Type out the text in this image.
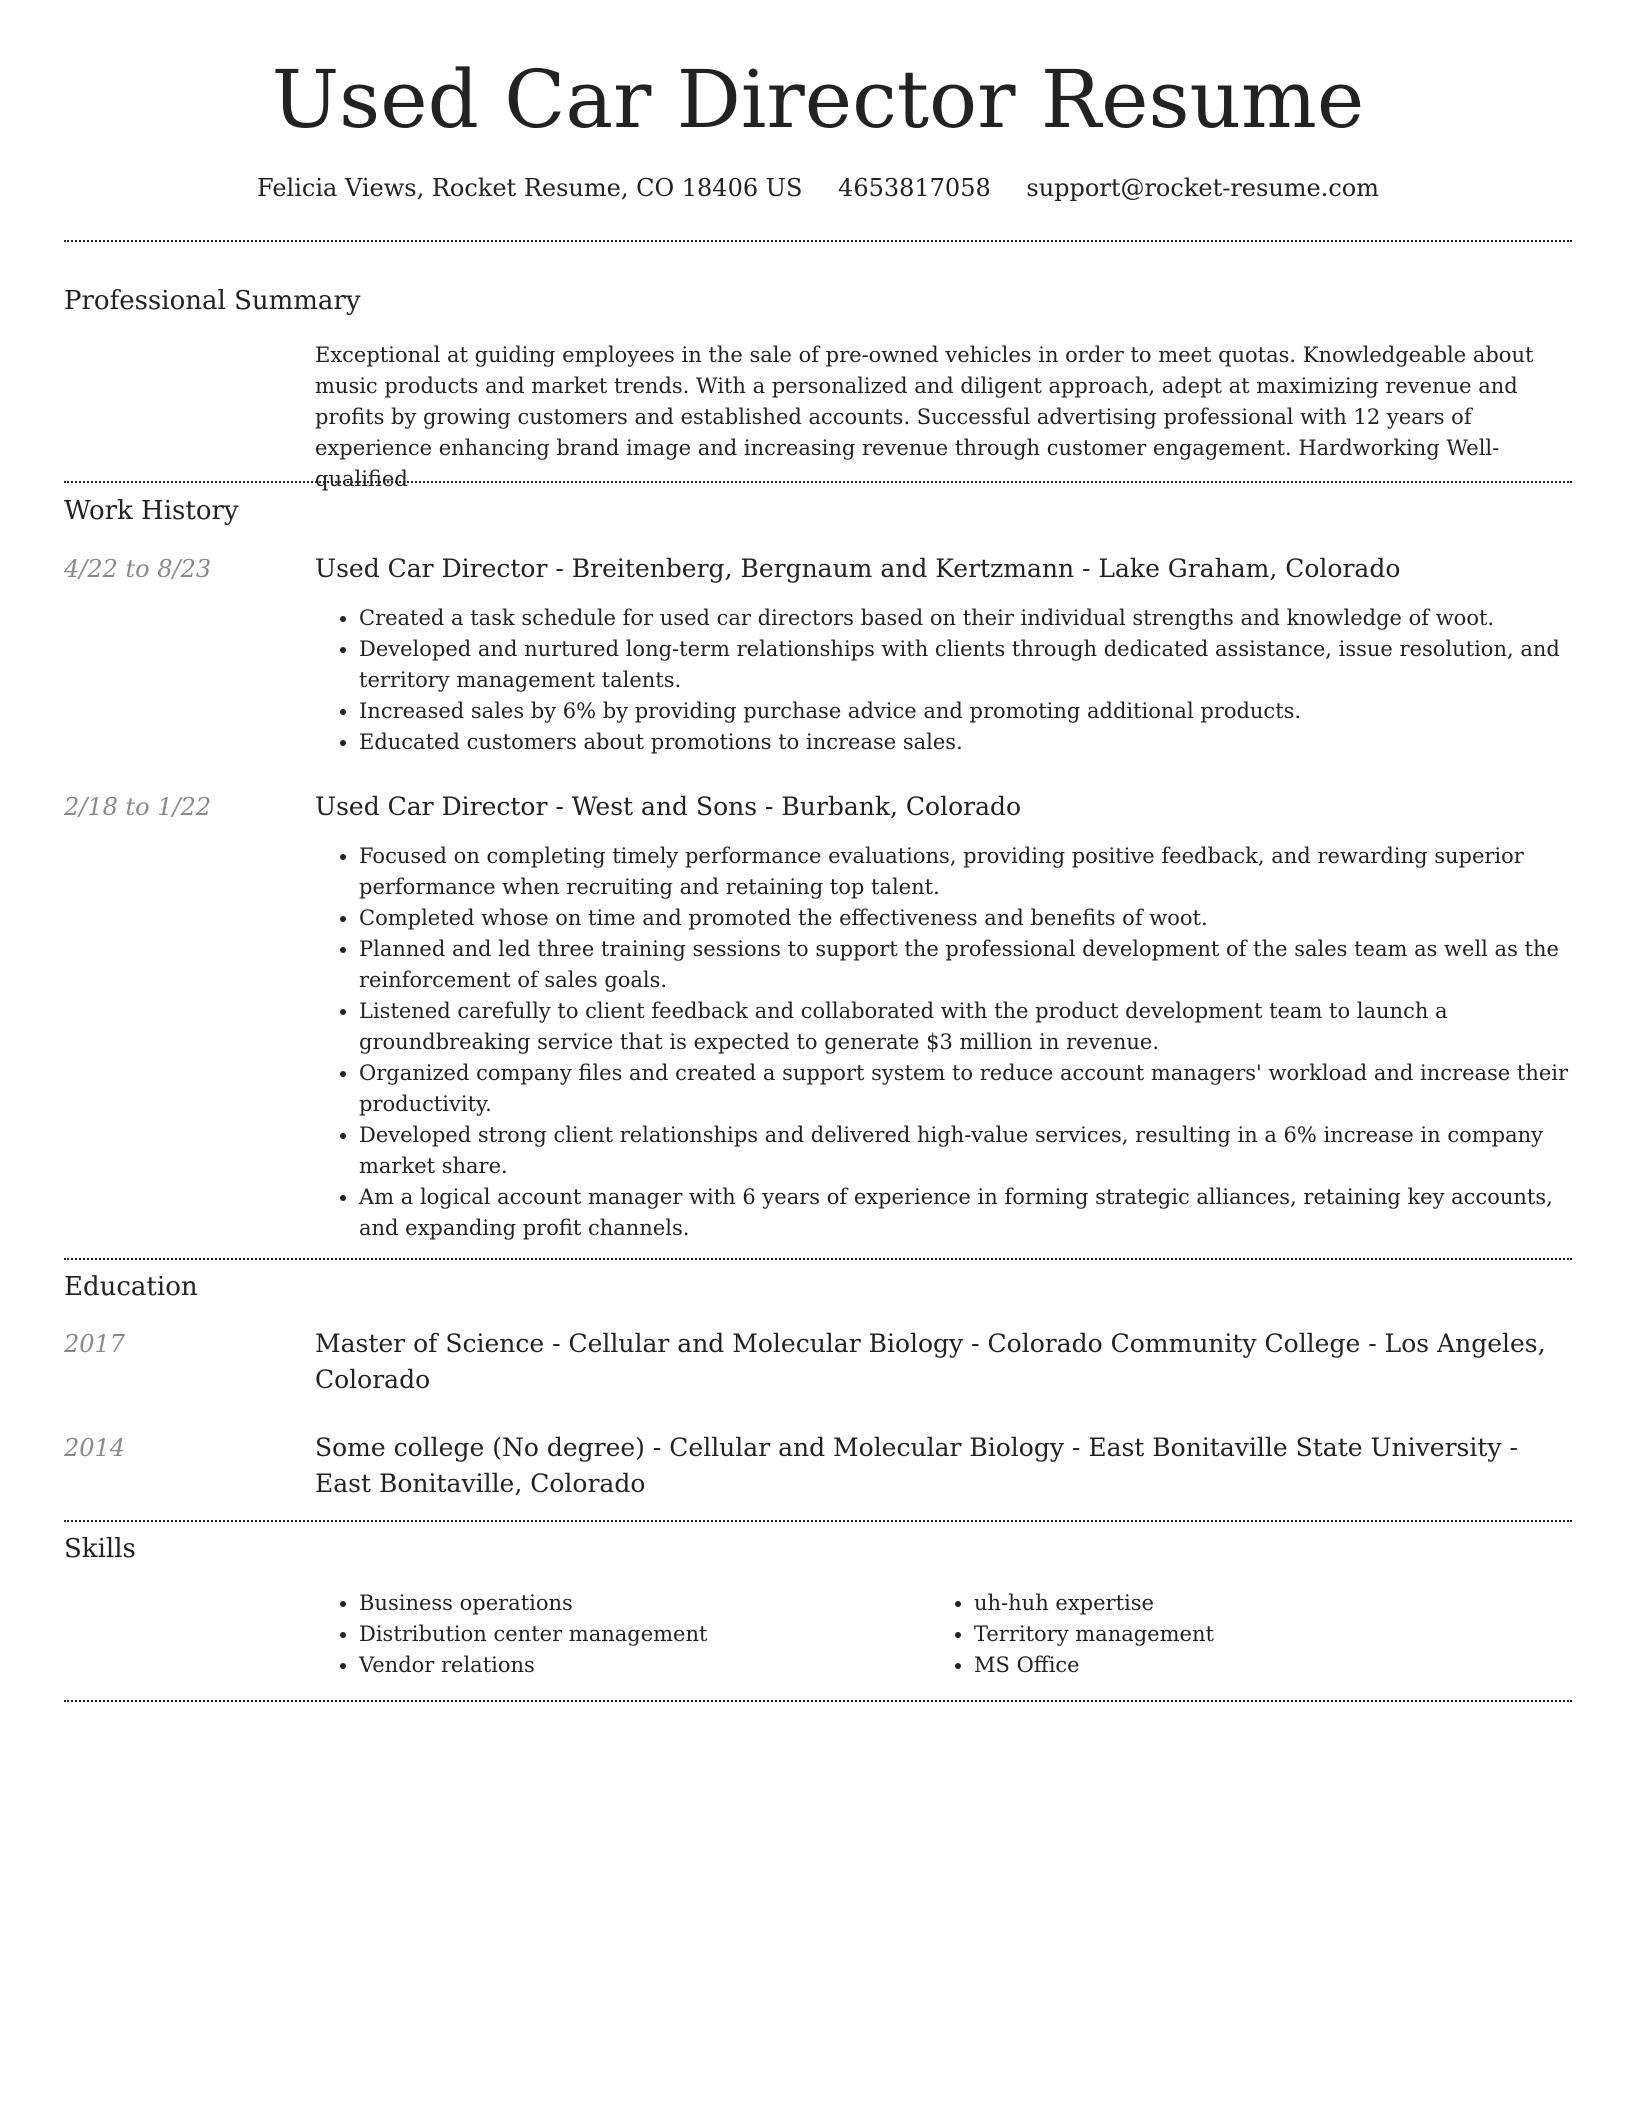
Used Car Director Resume
Felicia Views, Rocket Resume, CO 18406 US 4653817058 support@rocket-resume.com
Professional Summary
Exceptional at guiding employees in the sale of pre-owned vehicles in order to meet quotas. Knowledgeable about music products and market trends. With a personalized and diligent approach, adept at maximizing revenue and profits by growing customers and established accounts. Successful advertising professional with 12 years of experience enhancing brand image and increasing revenue through customer engagement. Hardworking Well-qualified
Work History
4/22 to 8/23	Used Car Director - Breitenberg, Bergnaum and Kertzmann - Lake Graham, Colorado
• Created a task schedule for used car directors based on their individual strengths and knowledge of woot.
• Developed and nurtured long-term relationships with clients through dedicated assistance, issue resolution, and territory management talents.
• Increased sales by 6% by providing purchase advice and promoting additional products.
• Educated customers about promotions to increase sales.
2/18 to 1/22	Used Car Director - West and Sons - Burbank, Colorado
• Focused on completing timely performance evaluations, providing positive feedback, and rewarding superior performance when recruiting and retaining top talent.
• Completed whose on time and promoted the effectiveness and benefits of woot.
• Planned and led three training sessions to support the professional development of the sales team as well as the reinforcement of sales goals.
• Listened carefully to client feedback and collaborated with the product development team to launch a groundbreaking service that is expected to generate $3 million in revenue.
• Organized company files and created a support system to reduce account managers' workload and increase their productivity.
• Developed strong client relationships and delivered high-value services, resulting in a 6% increase in company market share.
• Am a logical account manager with 6 years of experience in forming strategic alliances, retaining key accounts, and expanding profit channels.
Education
2017	Master of Science - Cellular and Molecular Biology - Colorado Community College - Los Angeles, Colorado
2014	Some college (No degree) - Cellular and Molecular Biology - East Bonitaville State University - East Bonitaville, Colorado
Skills
• Business operations
• Distribution center management
• Vendor relations
• uh-huh expertise
• Territory management
• MS Office
